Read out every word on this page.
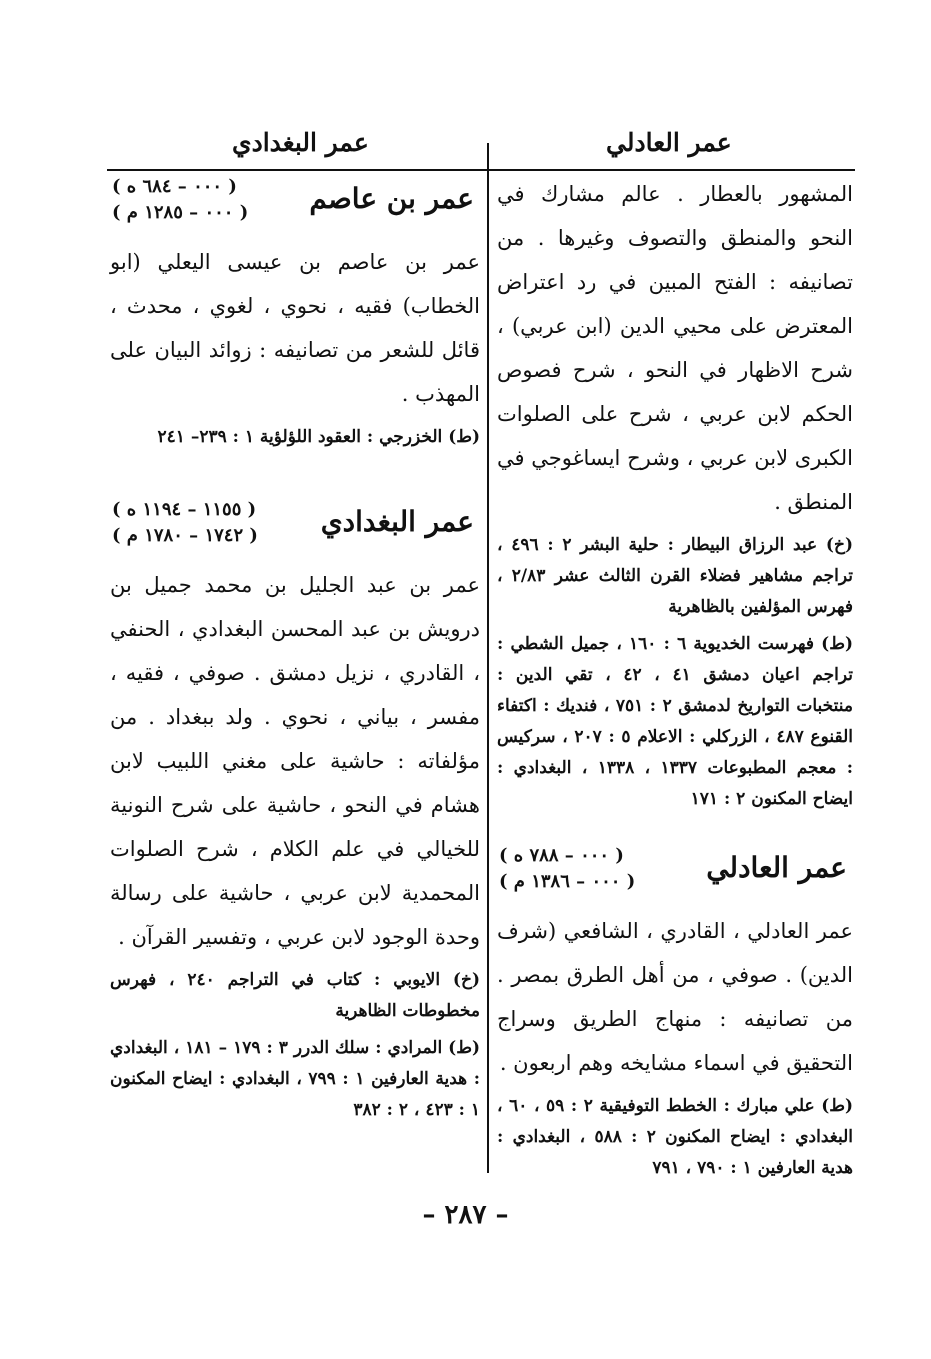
عمر البغدادي	عمر العادلي
عمر بن عاصم
( ٠٠٠ – ٦٨٤ ه )
( ٠٠٠ – ١٢٨٥ م )

عمر بن عاصم بن عيسى اليعلي (ابو الخطاب) فقيه ، نحوي ، لغوي ، محدث ، قائل للشعر من تصانيفه : زوائد البيان على المهذب .

(ط) الخزرجي : العقود اللؤلؤية ١ : ٢٣٩– ٢٤١

عمر البغدادي
( ١١٥٥ – ١١٩٤ ه )
( ١٧٤٢ – ١٧٨٠ م )

عمر بن عبد الجليل بن محمد جميل بن درويش بن عبد المحسن البغدادي ، الحنفي ، القادري ، نزيل دمشق . صوفي ، فقيه ، مفسر ، بياني ، نحوي . ولد ببغداد . من مؤلفاته : حاشية على مغني اللبيب لابن هشام في النحو ، حاشية على شرح النونية للخيالي في علم الكلام ، شرح الصلوات المحمدية لابن عربي ، حاشية على رسالة وحدة الوجود لابن عربي ، وتفسير القرآن .

(خ) الايوبي : كتاب في التراجم ٢٤٠ ، فهرس مخطوطات الظاهرية

(ط) المرادي : سلك الدرر ٣ : ١٧٩ – ١٨١ ، البغدادي : هدية العارفين ١ : ٧٩٩ ، البغدادي : ايضاح المكنون ١ : ٤٢٣ ، ٢ : ٣٨٢

المشهور بالعطار . عالم مشارك في النحو والمنطق والتصوف وغيرها . من تصانيفه : الفتح المبين في رد اعتراض المعترض على محيي الدين (ابن عربي) ، شرح الاظهار في النحو ، شرح فصوص الحكم لابن عربي ، شرح على الصلوات الكبرى لابن عربي ، وشرح ايساغوجي في المنطق .

(خ) عبد الرزاق البيطار : حلية البشر ٢ : ٤٩٦ ، تراجم مشاهير فضلاء القرن الثالث عشر ٢/٨٣ ، فهرس المؤلفين بالظاهرية

(ط) فهرست الخديوية ٦ : ١٦٠ ، جميل الشطي : تراجم اعيان دمشق ٤١ ، ٤٢ ، تقي الدين : منتخبات التواريخ لدمشق ٢ : ٧٥١ ، فنديك : اكتفاء القنوع ٤٨٧ ، الزركلي : الاعلام ٥ : ٢٠٧ ، سركيس : معجم المطبوعات ١٣٣٧ ، ١٣٣٨ ، البغدادي : ايضاح المكنون ٢ : ١٧١

عمر العادلي
( ٠٠٠ – ٧٨٨ ه )
( ٠٠٠ – ١٣٨٦ م )

عمر العادلي ، القادري ، الشافعي (شرف الدين) . صوفي ، من أهل الطرق بمصر . من تصانيفه : منهاج الطريق وسراج التحقيق في اسماء مشايخه وهم اربعون .

(ط) علي مبارك : الخطط التوفيقية ٢ : ٥٩ ، ٦٠ ، البغدادي : ايضاح المكنون ٢ : ٥٨٨ ، البغدادي : هدية العارفين ١ : ٧٩٠ ، ٧٩١

– ٢٨٧ –
